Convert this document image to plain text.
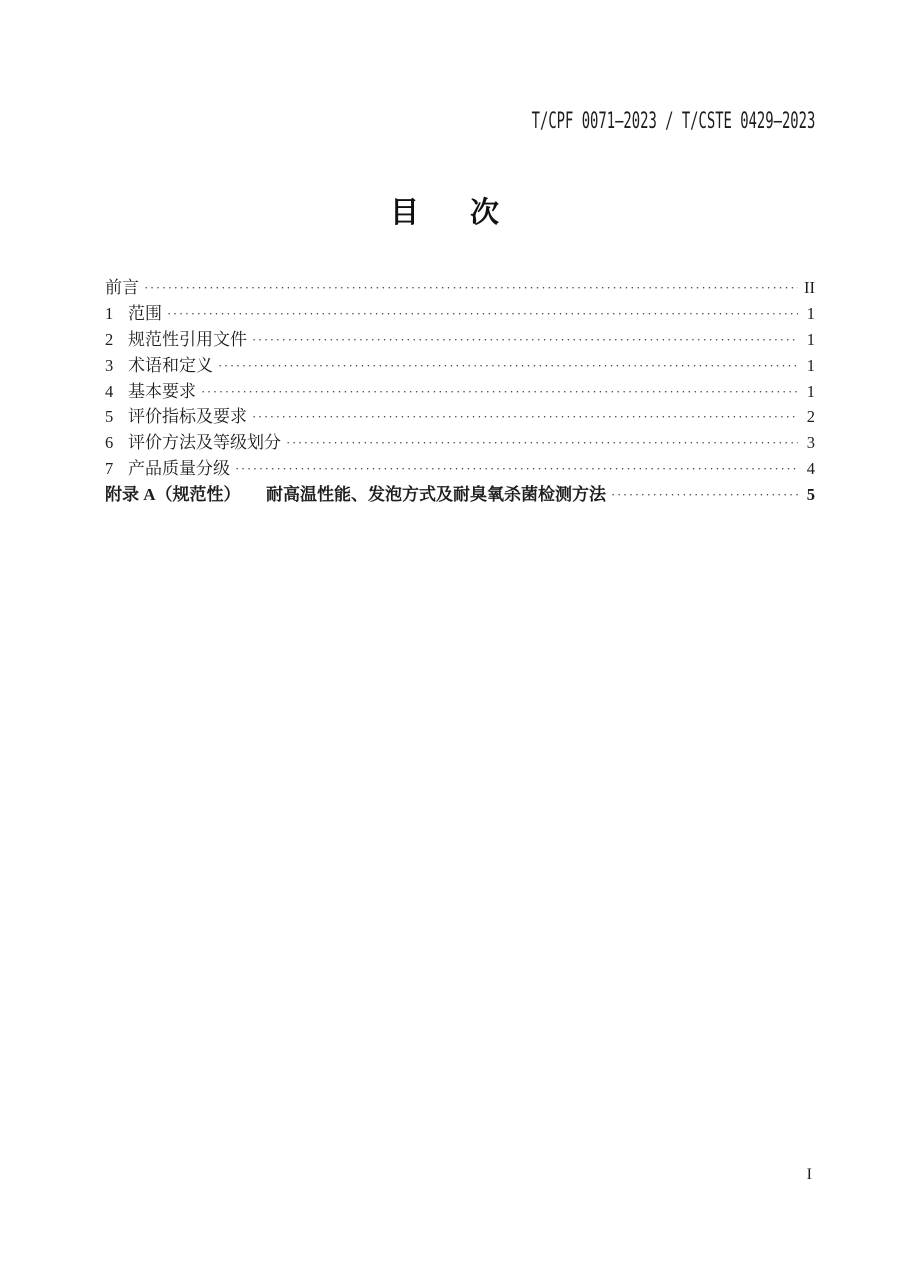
T/CPF 0071—2023 / T/CSTE 0429—2023
目　次
前言 ·····	II
1 范围 ·····	1
2 规范性引用文件 ·····	1
3 术语和定义 ·····	1
4 基本要求 ·····	1
5 评价指标及要求 ·····	2
6 评价方法及等级划分 ·····	3
7 产品质量分级 ·····	4
附录 A（规范性）　　耐高温性能、发泡方式及耐臭氧杀菌检测方法 ·····	5
I
